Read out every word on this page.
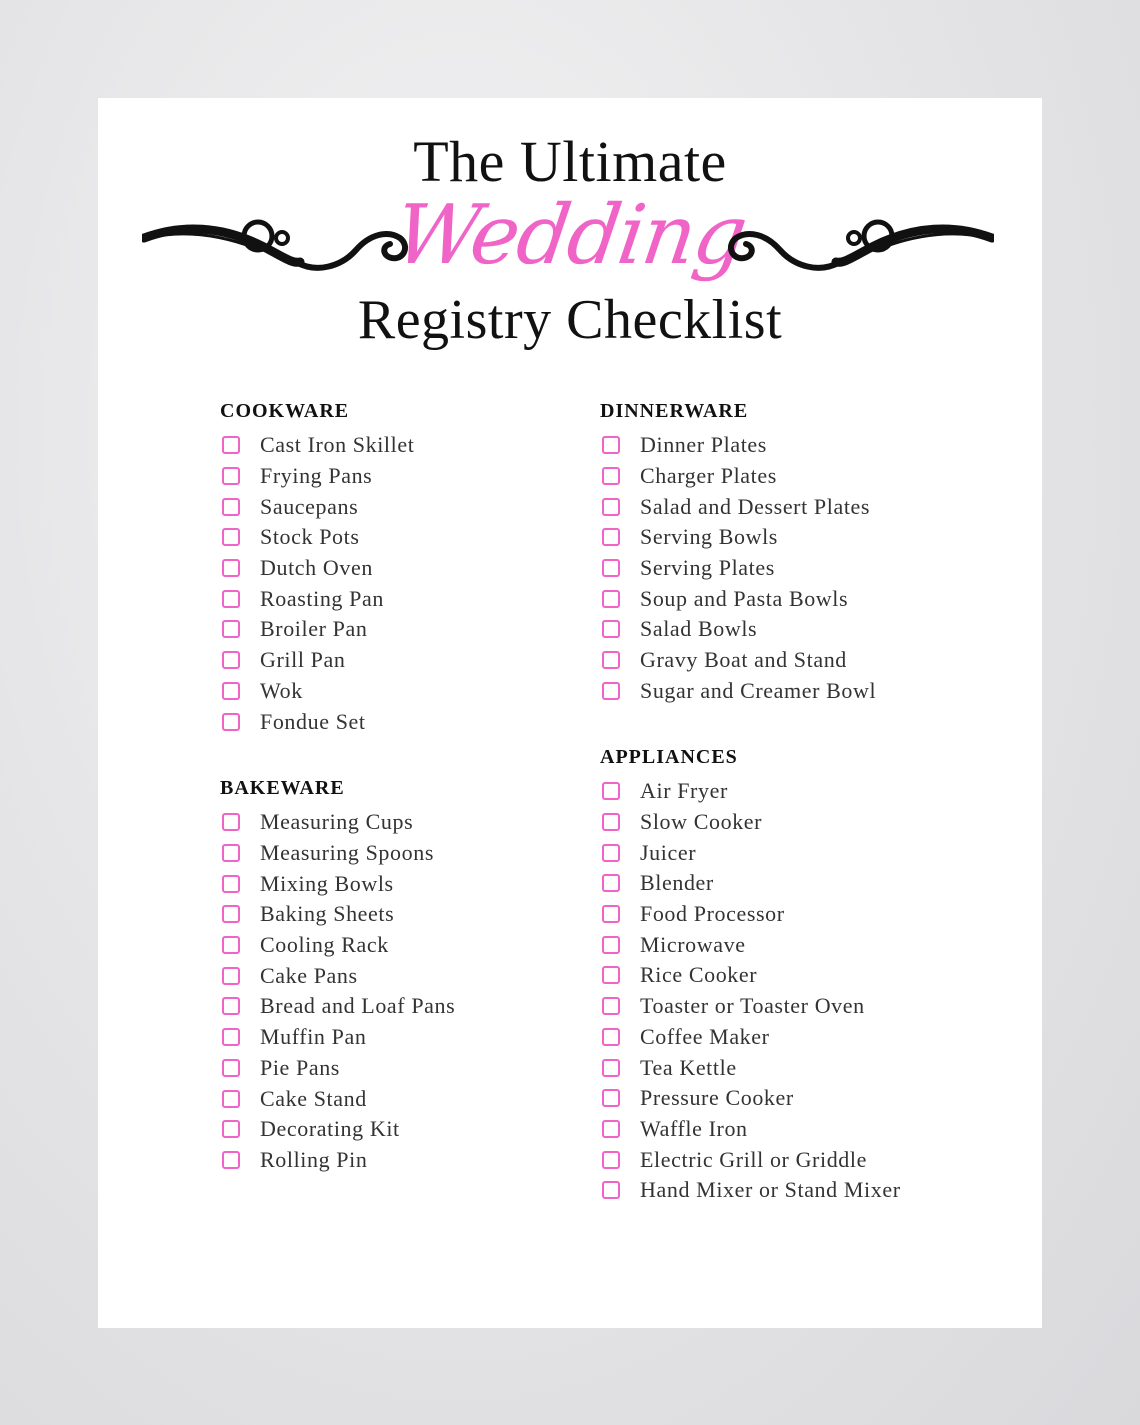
The Ultimate
Wedding
Registry Checklist
COOKWARE
Cast Iron Skillet
Frying Pans
Saucepans
Stock Pots
Dutch Oven
Roasting Pan
Broiler Pan
Grill Pan
Wok
Fondue Set
BAKEWARE
Measuring Cups
Measuring Spoons
Mixing Bowls
Baking Sheets
Cooling Rack
Cake Pans
Bread and Loaf Pans
Muffin Pan
Pie Pans
Cake Stand
Decorating Kit
Rolling Pin
DINNERWARE
Dinner Plates
Charger Plates
Salad and Dessert Plates
Serving Bowls
Serving Plates
Soup and Pasta Bowls
Salad Bowls
Gravy Boat and Stand
Sugar and Creamer Bowl
APPLIANCES
Air Fryer
Slow Cooker
Juicer
Blender
Food Processor
Microwave
Rice Cooker
Toaster or Toaster Oven
Coffee Maker
Tea Kettle
Pressure Cooker
Waffle Iron
Electric Grill or Griddle
Hand Mixer or Stand Mixer
